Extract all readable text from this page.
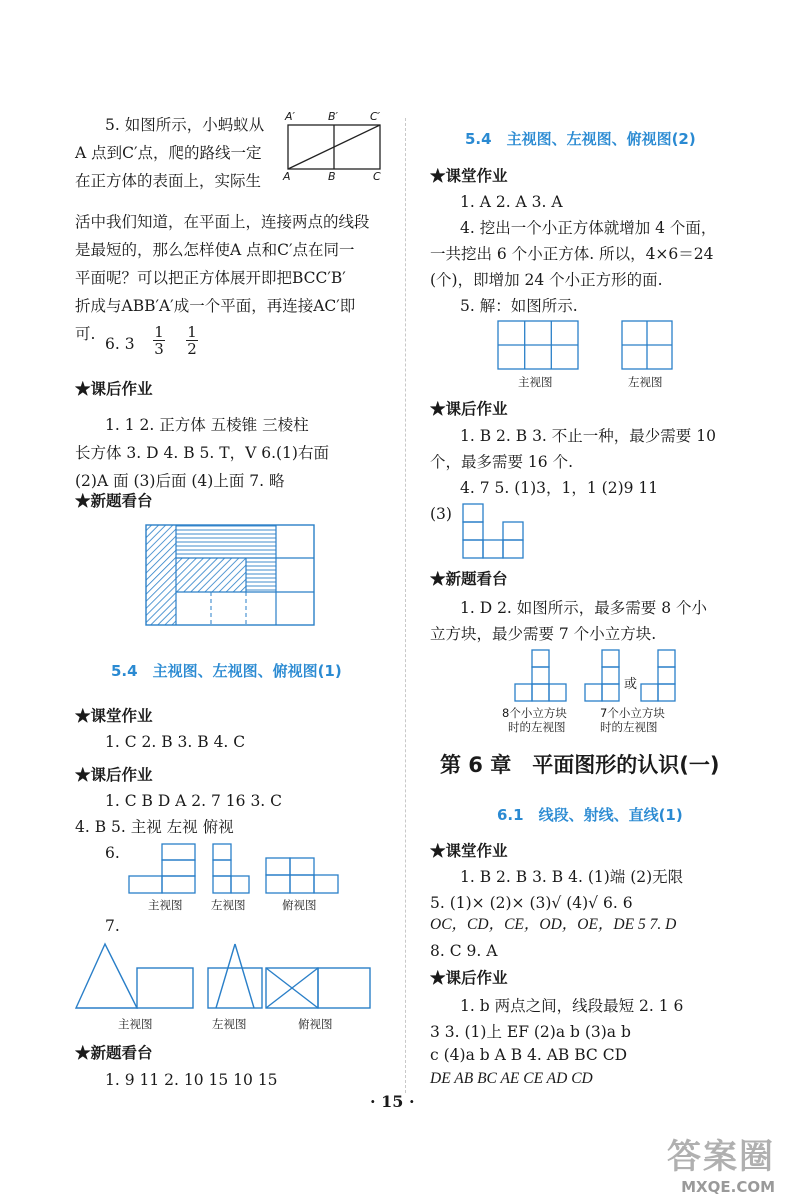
5. 如图所示，小蚂蚁从
A 点到C′点，爬的路线一定
在正方体的表面上，实际生
活中我们知道，在平面上，连接两点的线段
是最短的，那么怎样使A 点和C′点在同一
平面呢？可以把正方体展开即把BCC′B′
折成与ABB′A′成一个平面，再连接AC′即
可.
A′	B′	C′
A	B	C
6. 3
1
3
1
2
★课后作业
1. 1 2. 正方体 五棱锥 三棱柱
长方体 3. D 4. B 5. T，V 6.(1)右面
(2)A 面 (3)后面 (4)上面 7. 略
★新题看台
5.4　主视图、左视图、俯视图(1)
★课堂作业
1. C 2. B 3. B 4. C
★课后作业
1. C B D A 2. 7 16 3. C
4. B 5. 主视 左视 俯视
6.
主视图 左视图	俯视图
7.
主视图	左视图	俯视图
★新题看台
1. 9 11 2. 10 15 10 15
5.4　主视图、左视图、俯视图(2)
★课堂作业
1. A 2. A 3. A
4. 挖出一个小正方体就增加 4 个面，
一共挖出 6 个小正方体. 所以，4×6＝24
(个)，即增加 24 个小正方形的面.
5. 解：如图所示.
主视图	左视图
★课后作业
1. B 2. B 3. 不止一种，最少需要 10
个，最多需要 16 个.
4. 7 5. (1)3，1，1 (2)9 11
(3)
★新题看台
1. D 2. 如图所示，最多需要 8 个小
立方块，最少需要 7 个小立方块.
或
8个小立方块
时的左视图
7个小立方块
时的左视图
第 6 章　平面图形的认识(一)
6.1　线段、射线、直线(1)
★课堂作业
1. B 2. B 3. B 4. (1)端 (2)无限
5. (1)× (2)× (3)√ (4)√ 6. 6
OC，CD，CE，OD，OE，DE 5 7. D
8. C 9. A
★课后作业
1. b 两点之间，线段最短 2. 1 6
3 3. (1)上 EF (2)a b (3)a b
c (4)a b A B 4. AB BC CD
DE AB BC AE CE AD CD
· 15 ·
答案圈
MXQE.COM
